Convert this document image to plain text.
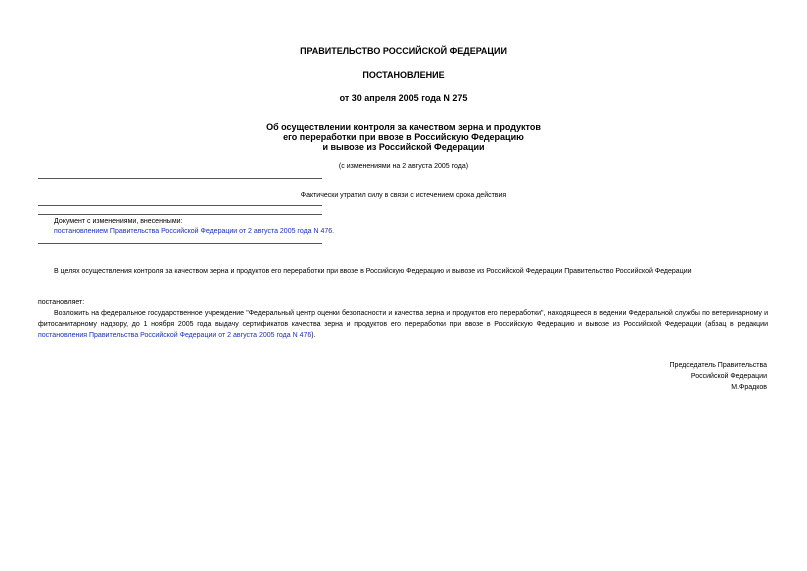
ПРАВИТЕЛЬСТВО РОССИЙСКОЙ ФЕДЕРАЦИИ
ПОСТАНОВЛЕНИЕ
от 30 апреля 2005 года N 275
Об осуществлении контроля за качеством зерна и продуктов
его переработки при ввозе в Российскую Федерацию
и вывозе из Российской Федерации
(с изменениями на 2 августа 2005 года)
Фактически утратил силу в связи с истечением срока действия
Документ с изменениями, внесенными:
постановлением Правительства Российской Федерации от 2 августа 2005 года N 476.
В целях осуществления контроля за качеством зерна и продуктов его переработки при ввозе в Российскую Федерацию и вывозе из Российской Федерации Правительство Российской Федерации
постановляет:
Возложить на федеральное государственное учреждение "Федеральный центр оценки безопасности и качества зерна и продуктов его переработки", находящееся в ведении Федеральной службы по ветеринарному и фитосанитарному надзору, до 1 ноября 2005 года выдачу сертификатов качества зерна и продуктов его переработки при ввозе в Российскую Федерацию и вывозе из Российской Федерации (абзац в редакции постановления Правительства Российской Федерации от 2 августа 2005 года N 476).
Председатель Правительства
Российской Федерации
М.Фрадков
